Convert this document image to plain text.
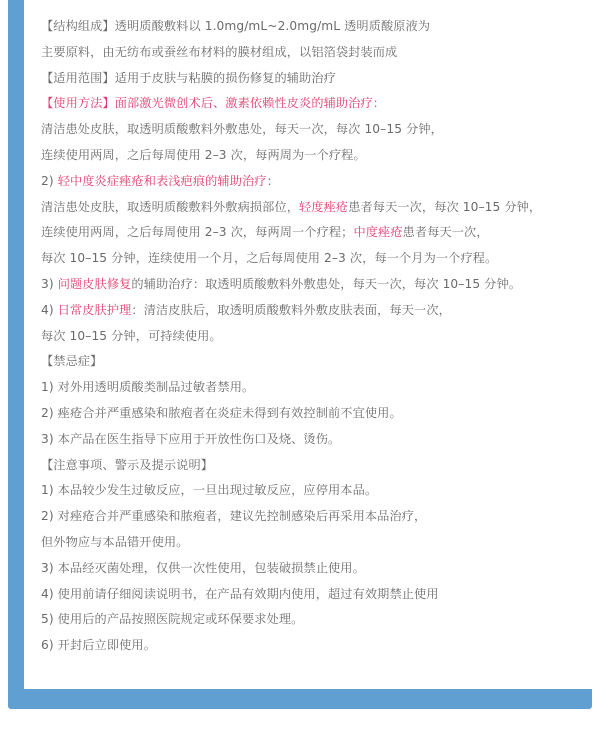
【结构组成】透明质酸敷料以 1.0mg/mL~2.0mg/mL 透明质酸原液为
主要原料，由无纺布或蚕丝布材料的膜材组成，以铝箔袋封装而成
【适用范围】适用于皮肤与粘膜的损伤修复的辅助治疗
【使用方法】面部激光微创术后、激素依赖性皮炎的辅助治疗：
清洁患处皮肤，取透明质酸敷料外敷患处，每天一次，每次 10–15 分钟，
连续使用两周，之后每周使用 2–3 次，每两周为一个疗程。
2) 轻中度炎症痤疮和表浅疤痕的辅助治疗：
清洁患处皮肤，取透明质酸敷料外敷病损部位，轻度痤疮患者每天一次，每次 10–15 分钟，
连续使用两周，之后每周使用 2–3 次，每两周一个疗程；中度痤疮患者每天一次，
每次 10–15 分钟，连续使用一个月，之后每周使用 2–3 次，每一个月为一个疗程。
3) 问题皮肤修复的辅助治疗：取透明质酸敷料外敷患处，每天一次，每次 10–15 分钟。
4) 日常皮肤护理：清洁皮肤后，取透明质酸敷料外敷皮肤表面，每天一次，
每次 10–15 分钟，可持续使用。
【禁忌症】
1) 对外用透明质酸类制品过敏者禁用。
2) 痤疮合并严重感染和脓疱者在炎症未得到有效控制前不宜使用。
3) 本产品在医生指导下应用于开放性伤口及烧、烫伤。
【注意事项、警示及提示说明】
1) 本品较少发生过敏反应，一旦出现过敏反应，应停用本品。
2) 对痤疮合并严重感染和脓疱者，建议先控制感染后再采用本品治疗，
但外物应与本品错开使用。
3) 本品经灭菌处理，仅供一次性使用，包装破损禁止使用。
4) 使用前请仔细阅读说明书，在产品有效期内使用，超过有效期禁止使用
5) 使用后的产品按照医院规定或环保要求处理。
6) 开封后立即使用。
